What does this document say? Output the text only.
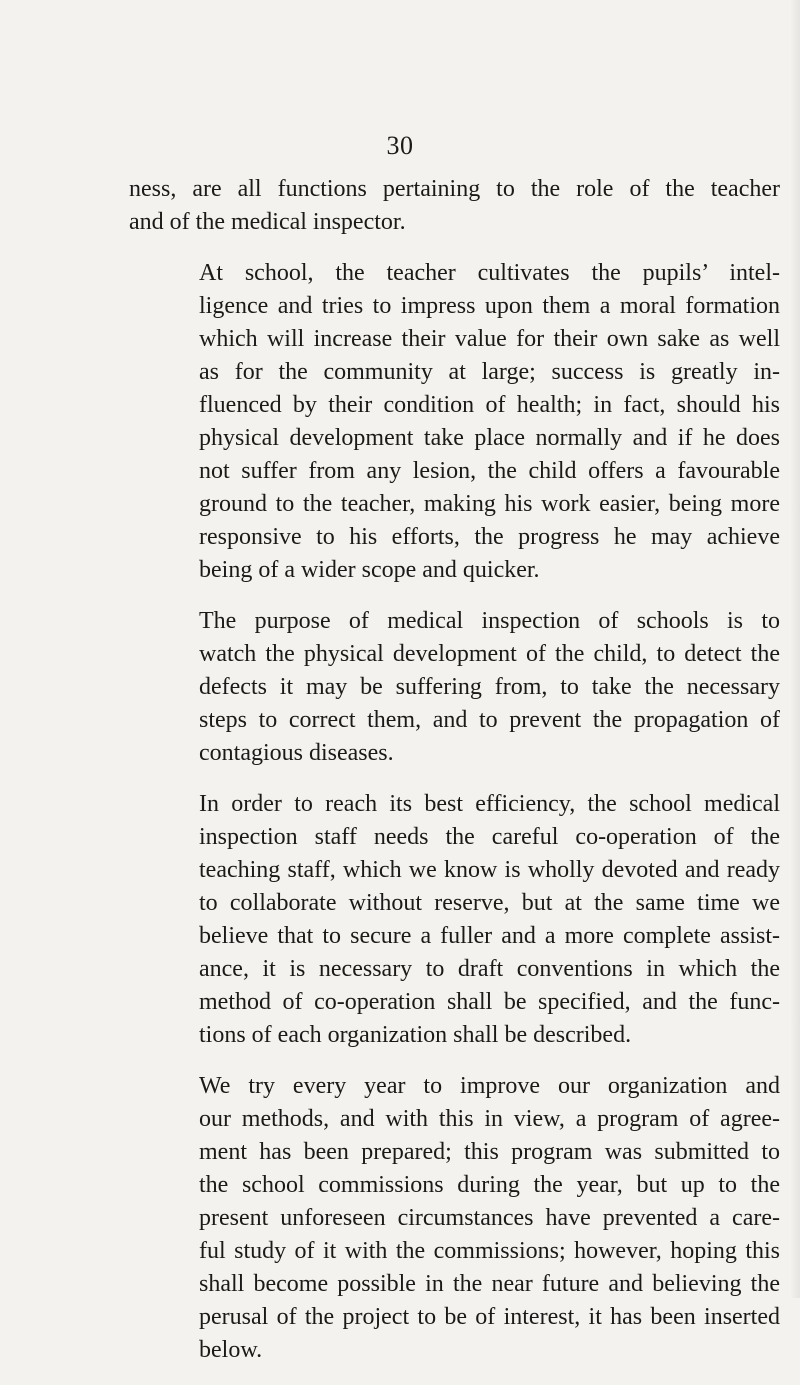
30

ness, are all functions pertaining to the role of the teacher
and of the medical inspector.

At school, the teacher cultivates the pupils’ intel-
ligence and tries to impress upon them a moral formation
which will increase their value for their own sake as well
as for the community at large; success is greatly in-
fluenced by their condition of health; in fact, should his
physical development take place normally and if he does
not suffer from any lesion, the child offers a favourable
ground to the teacher, making his work easier, being more
responsive to his efforts, the progress he may achieve
being of a wider scope and quicker.

The purpose of medical inspection of schools is to
watch the physical development of the child, to detect the
defects it may be suffering from, to take the necessary
steps to correct them, and to prevent the propagation of
contagious diseases.

In order to reach its best efficiency, the school medical
inspection staff needs the careful co-operation of the
teaching staff, which we know is wholly devoted and ready
to collaborate without reserve, but at the same time we
believe that to secure a fuller and a more complete assist-
ance, it is necessary to draft conventions in which the
method of co-operation shall be specified, and the func-
tions of each organization shall be described.

We try every year to improve our organization and
our methods, and with this in view, a program of agree-
ment has been prepared; this program was submitted to
the school commissions during the year, but up to the
present unforeseen circumstances have prevented a care-
ful study of it with the commissions; however, hoping this
shall become possible in the near future and believing the
perusal of the project to be of interest, it has been inserted
below.
